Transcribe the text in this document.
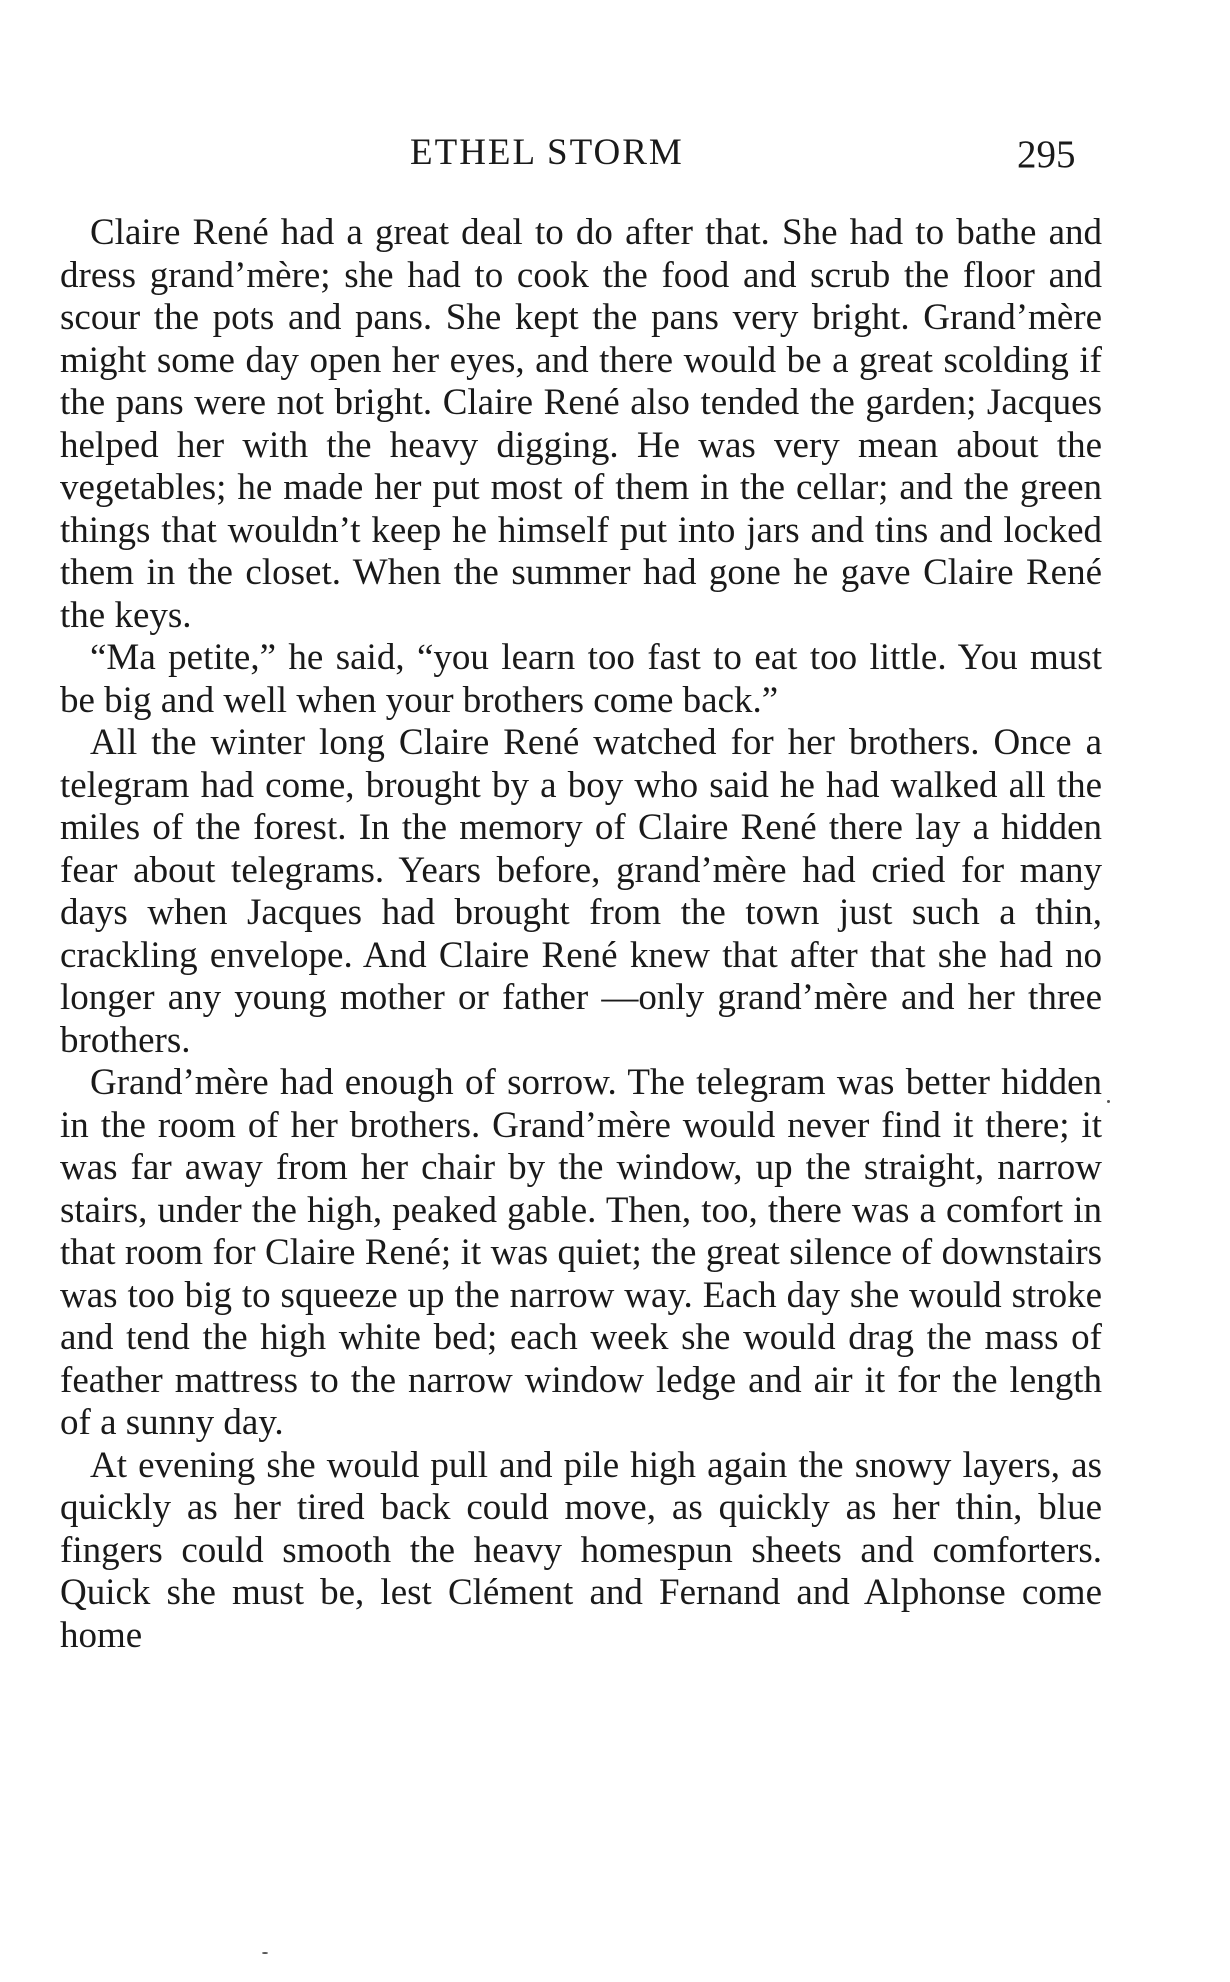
ETHEL STORM	295

Claire René had a great deal to do after that. She had to bathe and dress grand’mère; she had to cook the food and scrub the floor and scour the pots and pans. She kept the pans very bright. Grand’mère might some day open her eyes, and there would be a great scolding if the pans were not bright. Claire René also tended the garden; Jacques helped her with the heavy digging. He was very mean about the vegetables; he made her put most of them in the cellar; and the green things that wouldn’t keep he himself put into jars and tins and locked them in the closet. When the summer had gone he gave Claire René the keys.

“Ma petite,” he said, “you learn too fast to eat too little. You must be big and well when your brothers come back.”

All the winter long Claire René watched for her brothers. Once a telegram had come, brought by a boy who said he had walked all the miles of the forest. In the memory of Claire René there lay a hidden fear about telegrams. Years before, grand’mère had cried for many days when Jacques had brought from the town just such a thin, crackling envelope. And Claire René knew that after that she had no longer any young mother or father —only grand’mère and her three brothers.

Grand’mère had enough of sorrow. The telegram was better hidden in the room of her brothers. Grand’mère would never find it there; it was far away from her chair by the window, up the straight, narrow stairs, under the high, peaked gable. Then, too, there was a comfort in that room for Claire René; it was quiet; the great silence of downstairs was too big to squeeze up the narrow way. Each day she would stroke and tend the high white bed; each week she would drag the mass of feather mattress to the narrow window ledge and air it for the length of a sunny day.

At evening she would pull and pile high again the snowy layers, as quickly as her tired back could move, as quickly as her thin, blue fingers could smooth the heavy homespun sheets and comforters. Quick she must be, lest Clément and Fernand and Alphonse come home
